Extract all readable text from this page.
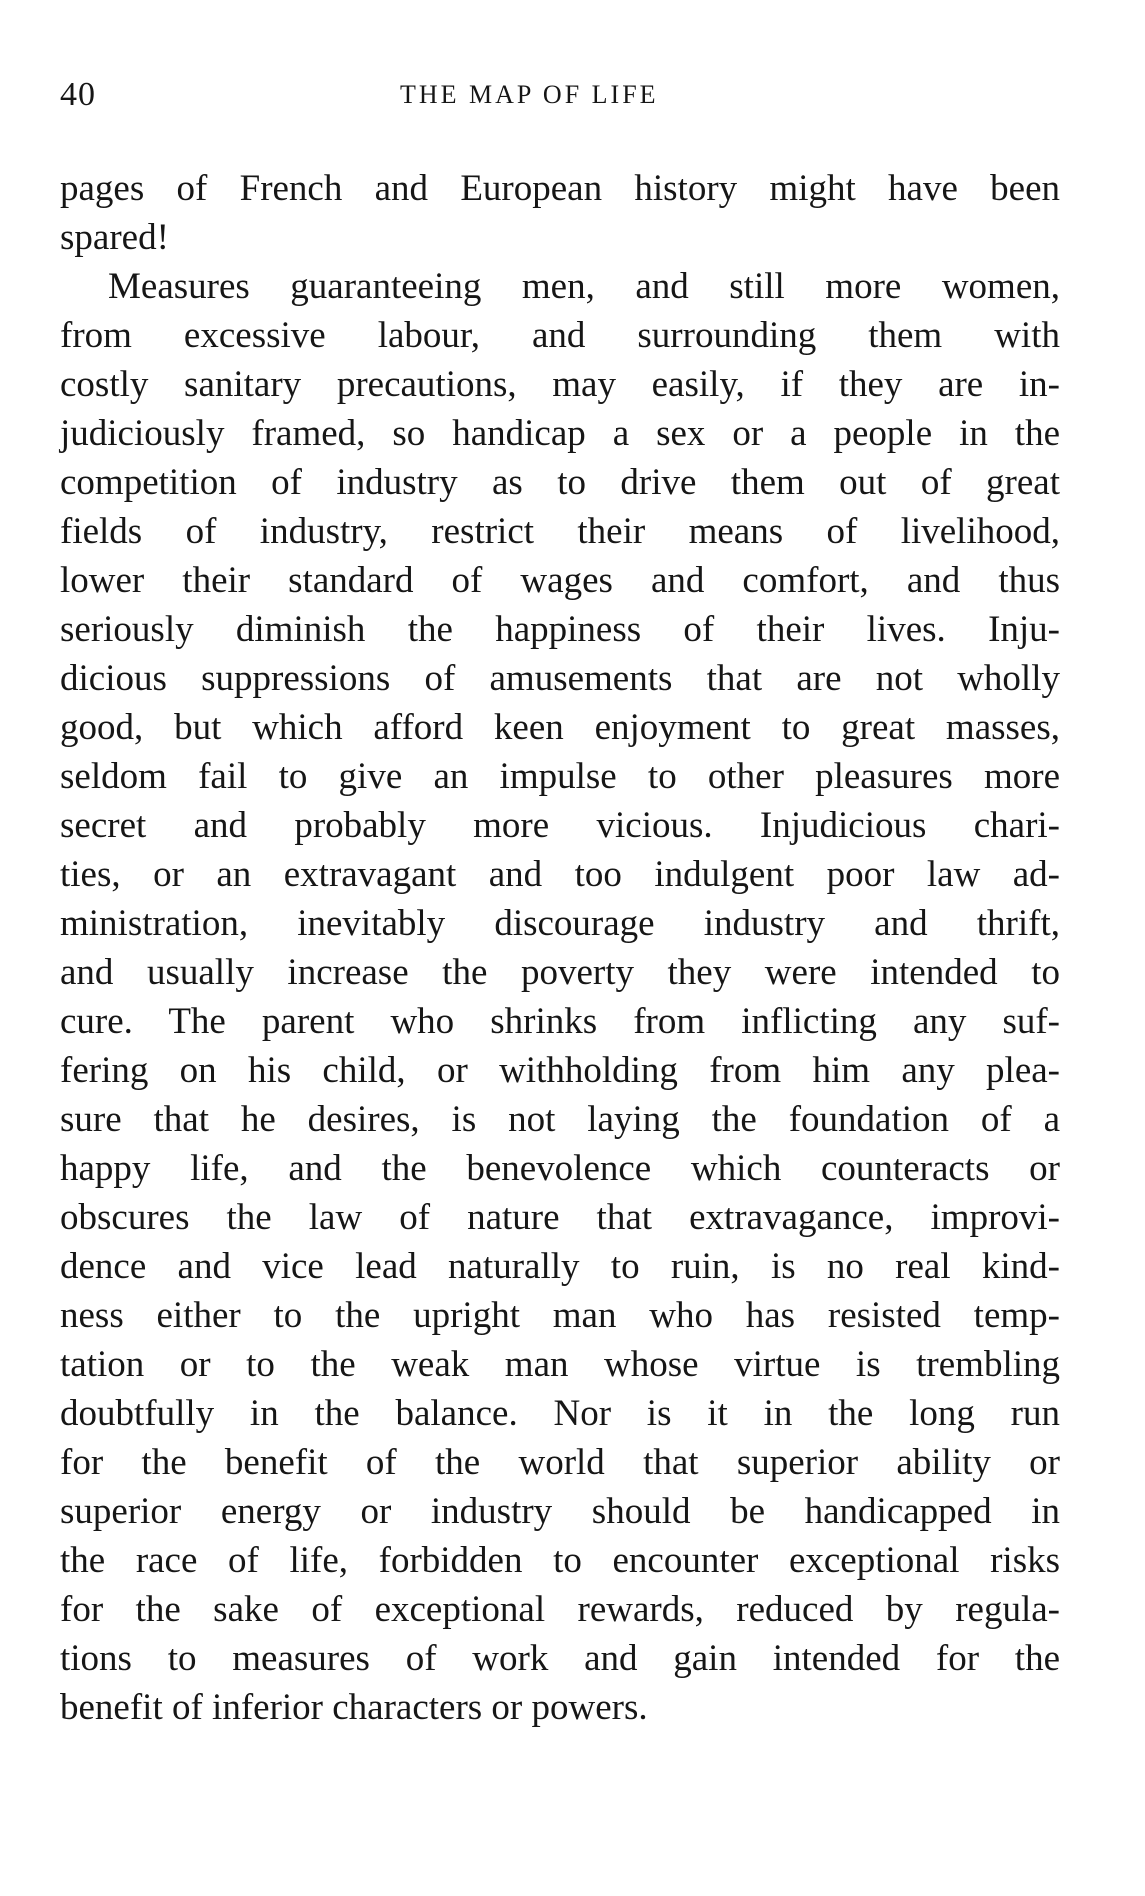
40	THE MAP OF LIFE
pages of French and European history might have been
spared!
Measures guaranteeing men, and still more women,
from excessive labour, and surrounding them with
costly sanitary precautions, may easily, if they are in-
judiciously framed, so handicap a sex or a people in the
competition of industry as to drive them out of great
fields of industry, restrict their means of livelihood,
lower their standard of wages and comfort, and thus
seriously diminish the happiness of their lives. Inju-
dicious suppressions of amusements that are not wholly
good, but which afford keen enjoyment to great masses,
seldom fail to give an impulse to other pleasures more
secret and probably more vicious. Injudicious chari-
ties, or an extravagant and too indulgent poor law ad-
ministration, inevitably discourage industry and thrift,
and usually increase the poverty they were intended to
cure. The parent who shrinks from inflicting any suf-
fering on his child, or withholding from him any plea-
sure that he desires, is not laying the foundation of a
happy life, and the benevolence which counteracts or
obscures the law of nature that extravagance, improvi-
dence and vice lead naturally to ruin, is no real kind-
ness either to the upright man who has resisted temp-
tation or to the weak man whose virtue is trembling
doubtfully in the balance. Nor is it in the long run
for the benefit of the world that superior ability or
superior energy or industry should be handicapped in
the race of life, forbidden to encounter exceptional risks
for the sake of exceptional rewards, reduced by regula-
tions to measures of work and gain intended for the
benefit of inferior characters or powers.
